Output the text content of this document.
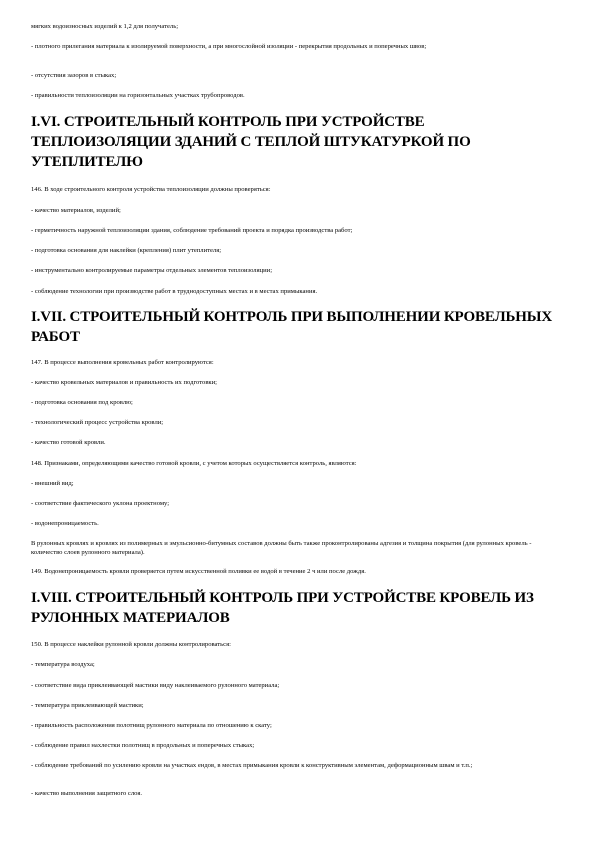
мягких водоизносных изделий к 1,2 для получатель;

- плотного прилегания материала к изолируемой поверхности, а при многослойной изоляции - перекрытия продольных и поперечных швов;

- отсутствия зазоров в стыках;

- правильности теплоизоляции на горизонтальных участках трубопроводов.

I.VI. СТРОИТЕЛЬНЫЙ КОНТРОЛЬ ПРИ УСТРОЙСТВЕ ТЕПЛОИЗОЛЯЦИИ ЗДАНИЙ С ТЕПЛОЙ ШТУКАТУРКОЙ ПО УТЕПЛИТЕЛЮ

146. В ходе строительного контроля устройства теплоизоляции должны проверяться:

- качество материалов, изделий;

- герметичность наружной теплоизоляции здания, соблюдение требований проекта и порядка производства работ;

- подготовка основания для наклейки (крепления) плит утеплителя;

- инструментально контролируемые параметры отдельных элементов теплоизоляции;

- соблюдение технологии при производстве работ в труднодоступных местах и в местах примыкания.

I.VII. СТРОИТЕЛЬНЫЙ КОНТРОЛЬ ПРИ ВЫПОЛНЕНИИ КРОВЕЛЬНЫХ РАБОТ

147. В процессе выполнения кровельных работ контролируются:

- качество кровельных материалов и правильность их подготовки;

- подготовка основания под кровлю;

- технологический процесс устройства кровли;

- качество готовой кровли.

148. Признаками, определяющими качество готовой кровли, с учетом которых осуществляется контроль, являются:

- внешний вид;

- соответствие фактического уклона проектному;

- водонепроницаемость.

В рулонных кровлях и кровлях из полимерных и эмульсионно-битумных составов должны быть также проконтролированы адгезия и толщина покрытия (для рулонных кровель - количество слоев рулонного материала).

149. Водонепроницаемость кровли проверяется путем искусственной поливки ее водой в течение 2 ч или после дождя.

I.VIII. СТРОИТЕЛЬНЫЙ КОНТРОЛЬ ПРИ УСТРОЙСТВЕ КРОВЕЛЬ ИЗ РУЛОННЫХ МАТЕРИАЛОВ

150. В процессе наклейки рулонной кровли должны контролироваться:

- температура воздуха;

- соответствие вида приклеивающей мастики виду наклеиваемого рулонного материала;

- температура приклеивающей мастики;

- правильность расположения полотнищ рулонного материала по отношению к скату;

- соблюдение правил нахлестки полотнищ в продольных и поперечных стыках;

- соблюдение требований по усилению кровли на участках ендов, в местах примыкания кровли к конструктивным элементам, деформационным швам и т.п.;

- качество выполнения защитного слоя.
